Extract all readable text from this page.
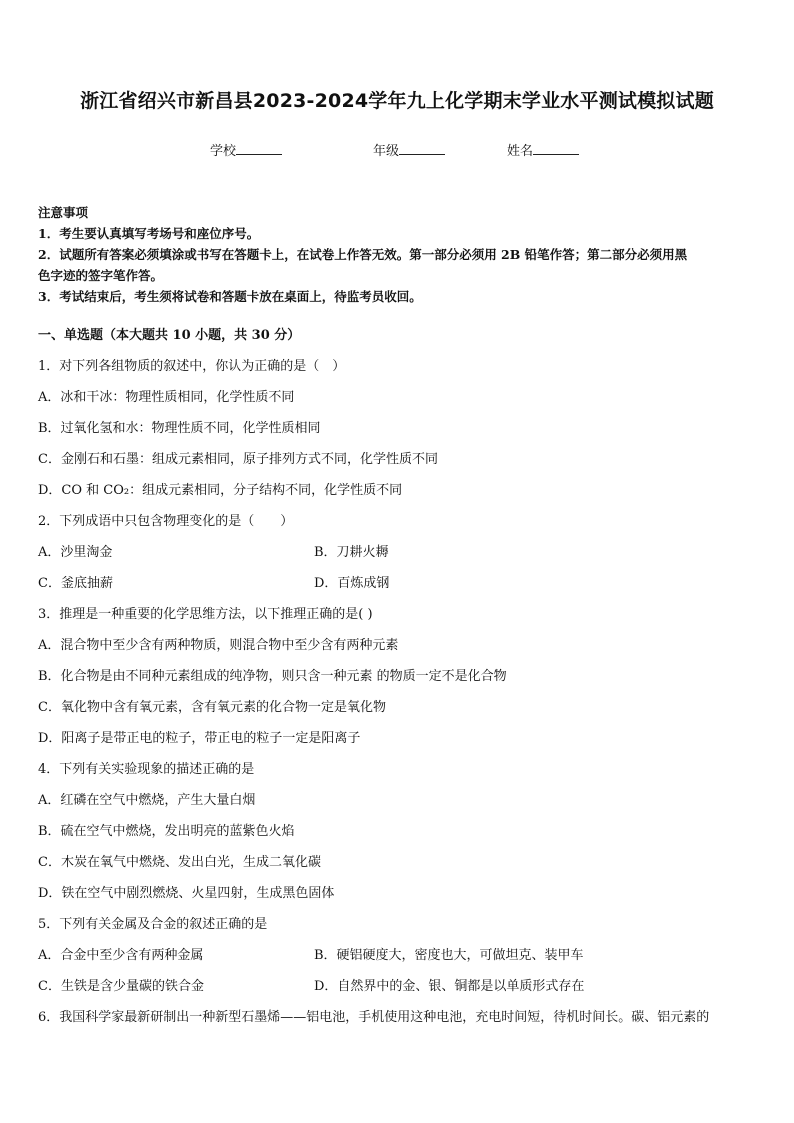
浙江省绍兴市新昌县2023-2024学年九上化学期末学业水平测试模拟试题
学校	年级	姓名
注意事项
1．考生要认真填写考场号和座位序号。
2．试题所有答案必须填涂或书写在答题卡上，在试卷上作答无效。第一部分必须用 2B 铅笔作答；第二部分必须用黑
色字迹的签字笔作答。
3．考试结束后，考生须将试卷和答题卡放在桌面上，待监考员收回。
一、单选题（本大题共 10 小题，共 30 分）
1．对下列各组物质的叙述中，你认为正确的是（　）
A．冰和干冰：物理性质相同，化学性质不同
B．过氧化氢和水：物理性质不同，化学性质相同
C．金刚石和石墨：组成元素相同，原子排列方式不同，化学性质不同
D．CO 和 CO₂：组成元素相同，分子结构不同，化学性质不同
2．下列成语中只包含物理变化的是（　　）
A．沙里淘金	B．刀耕火耨
C．釜底抽薪	D．百炼成钢
3．推理是一种重要的化学思维方法，以下推理正确的是( )
A．混合物中至少含有两种物质，则混合物中至少含有两种元素
B．化合物是由不同种元素组成的纯净物，则只含一种元素 的物质一定不是化合物
C．氧化物中含有氧元素，含有氧元素的化合物一定是氧化物
D．阳离子是带正电的粒子，带正电的粒子一定是阳离子
4．下列有关实验现象的描述正确的是
A．红磷在空气中燃烧，产生大量白烟
B．硫在空气中燃烧，发出明亮的蓝紫色火焰
C．木炭在氧气中燃烧、发出白光，生成二氧化碳
D．铁在空气中剧烈燃烧、火星四射，生成黑色固体
5．下列有关金属及合金的叙述正确的是
A．合金中至少含有两种金属	B．硬铝硬度大，密度也大，可做坦克、装甲车
C．生铁是含少量碳的铁合金	D．自然界中的金、银、铜都是以单质形式存在
6．我国科学家最新研制出一种新型石墨烯——铝电池，手机使用这种电池，充电时间短，待机时间长。碳、铝元素的
